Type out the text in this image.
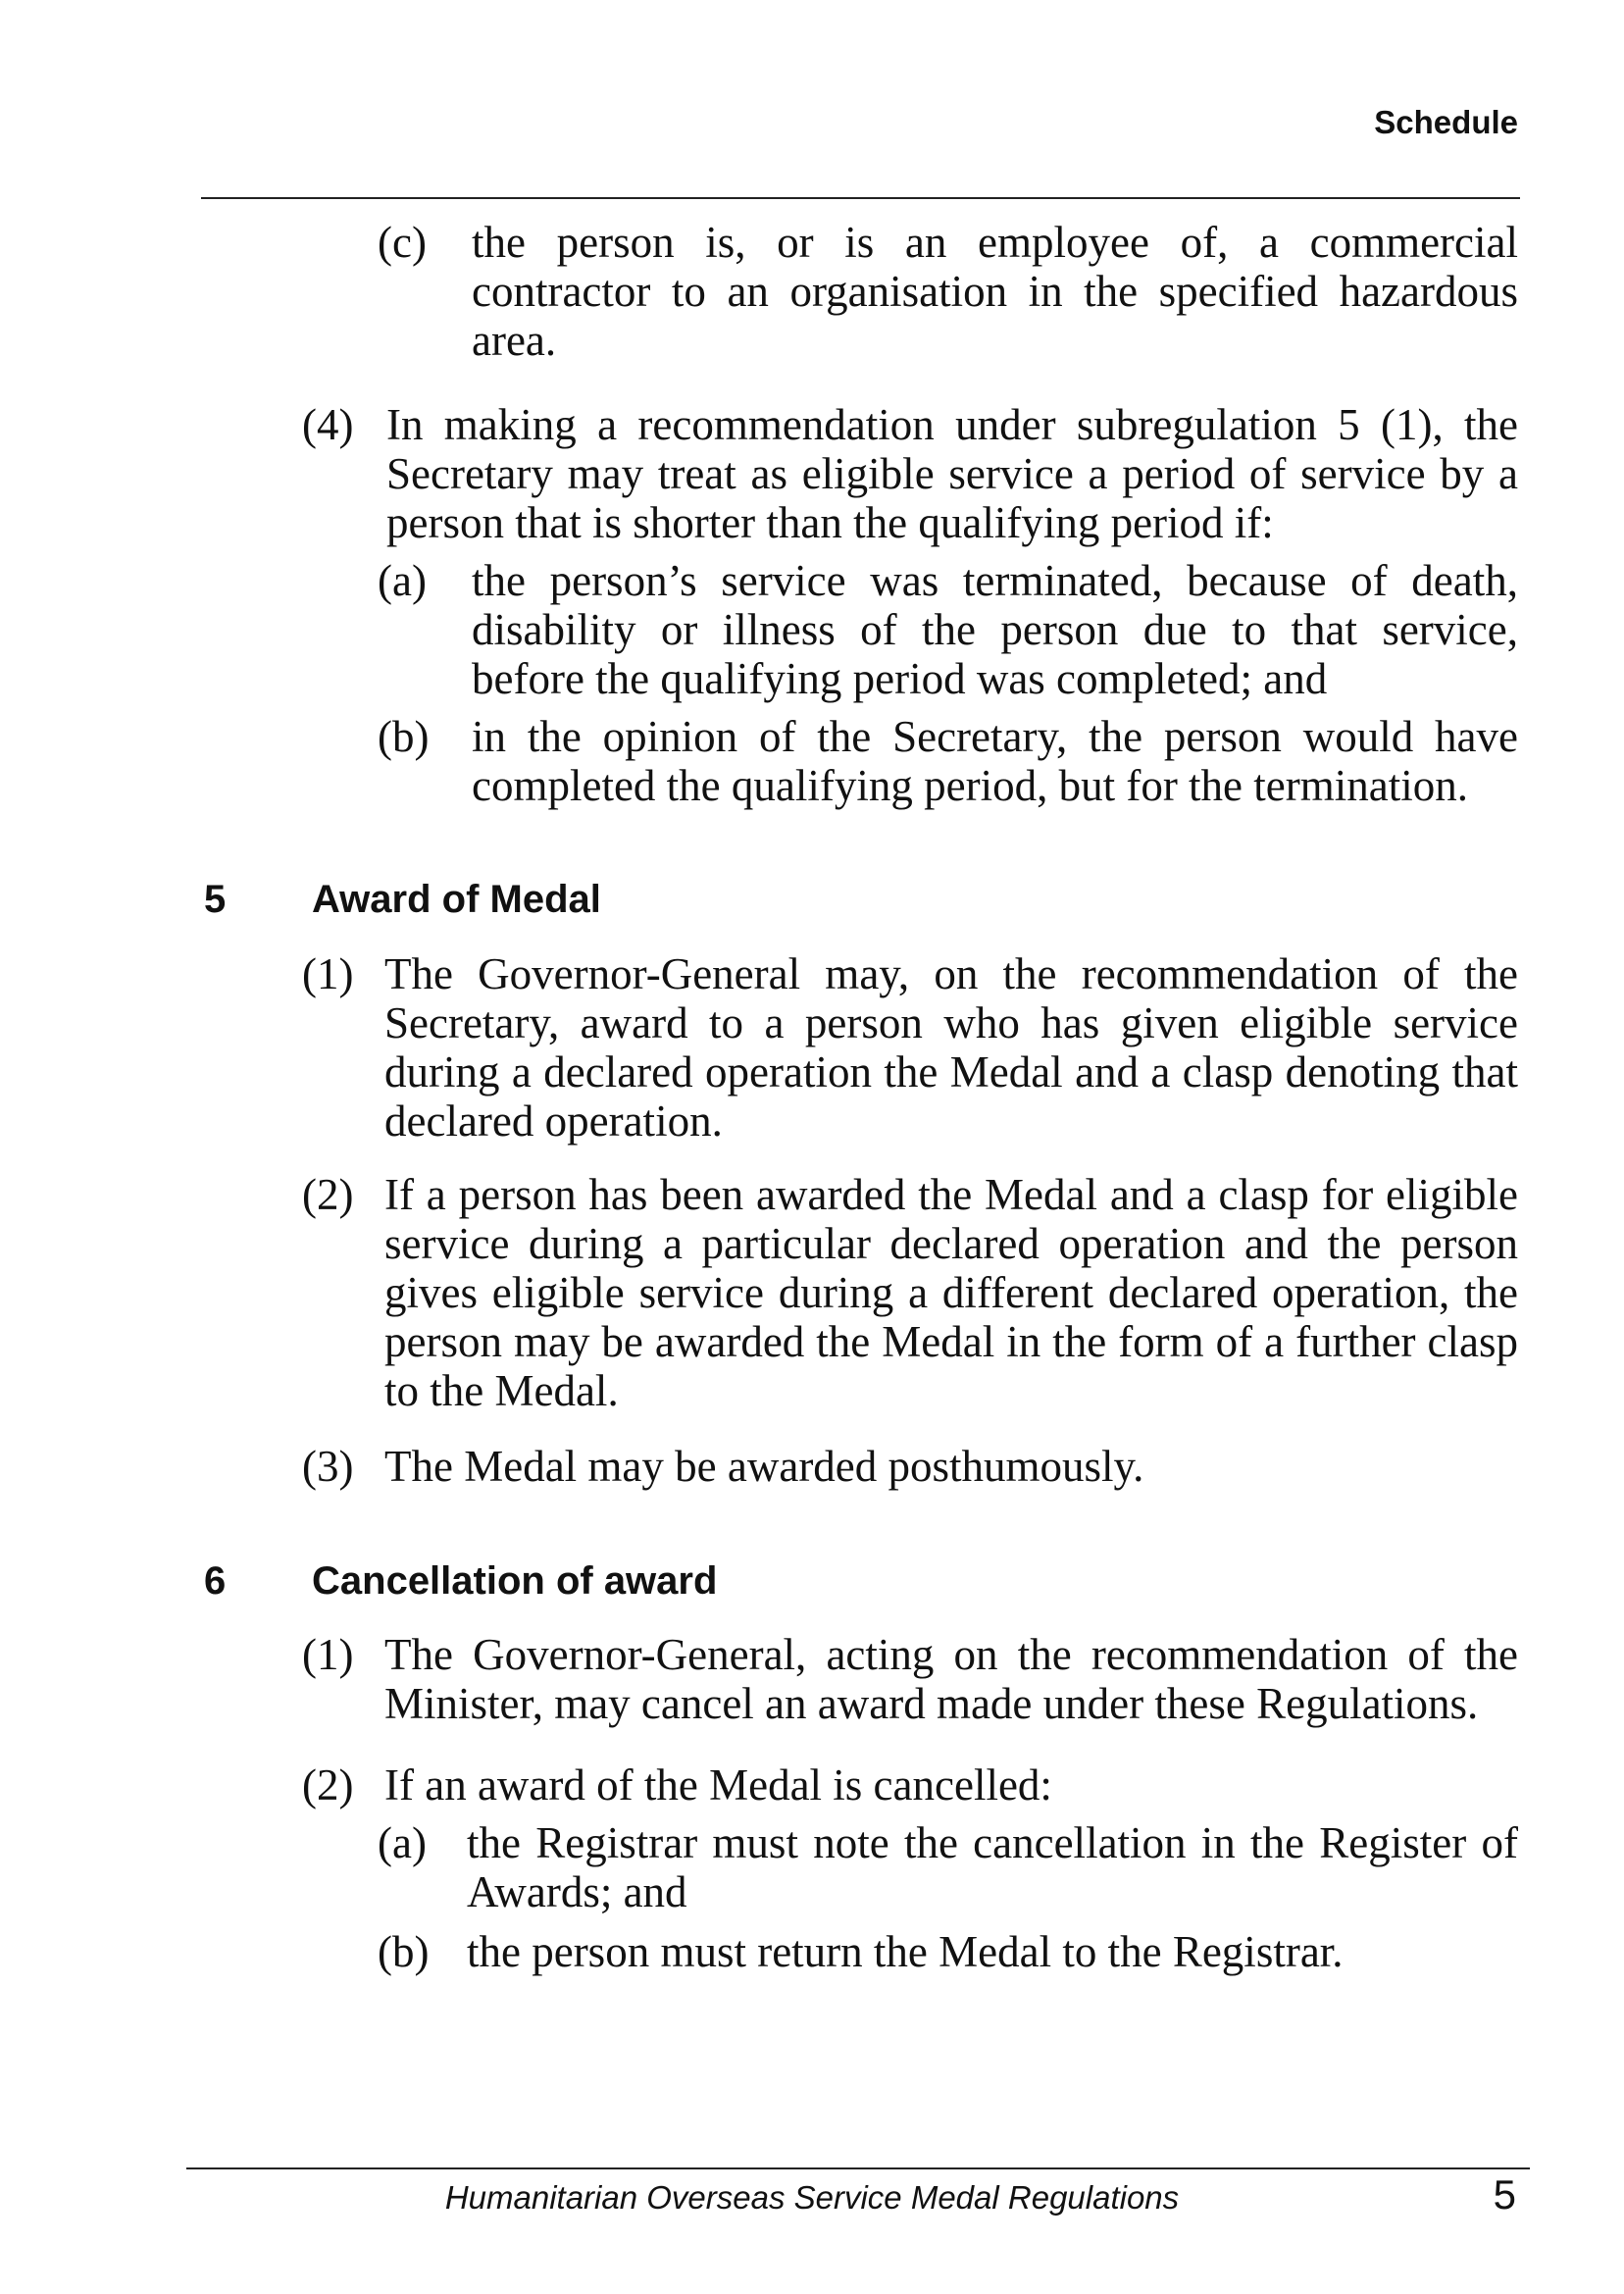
Schedule
(c) the person is, or is an employee of, a commercial
contractor to an organisation in the specified hazardous
area.
(4) In making a recommendation under subregulation 5 (1), the
Secretary may treat as eligible service a period of service by a
person that is shorter than the qualifying period if:
(a) the person’s service was terminated, because of death,
disability or illness of the person due to that service,
before the qualifying period was completed; and
(b) in the opinion of the Secretary, the person would have
completed the qualifying period, but for the termination.
5 Award of Medal
(1) The Governor-General may, on the recommendation of the
Secretary, award to a person who has given eligible service
during a declared operation the Medal and a clasp denoting that
declared operation.
(2) If a person has been awarded the Medal and a clasp for eligible
service during a particular declared operation and the person
gives eligible service during a different declared operation, the
person may be awarded the Medal in the form of a further clasp
to the Medal.
(3) The Medal may be awarded posthumously.
6 Cancellation of award
(1) The Governor-General, acting on the recommendation of the
Minister, may cancel an award made under these Regulations.
(2) If an award of the Medal is cancelled:
(a) the Registrar must note the cancellation in the Register of
Awards; and
(b) the person must return the Medal to the Registrar.
Humanitarian Overseas Service Medal Regulations	5
